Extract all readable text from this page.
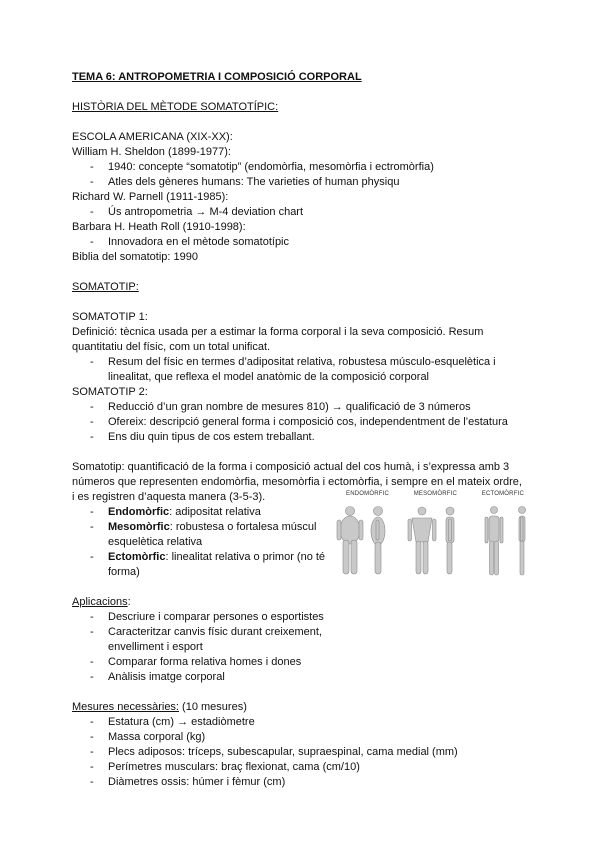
TEMA 6: ANTROPOMETRIA I COMPOSICIÓ CORPORAL
HISTÒRIA DEL MÈTODE SOMATOTÍPIC:
ESCOLA AMERICANA (XIX-XX):
William H. Sheldon (1899-1977):
- 1940: concepte “somatotip” (endomòrfia, mesomòrfia i ectromòrfia)
- Atles dels gèneres humans: The varieties of human physiqu
Richard W. Parnell (1911-1985):
- Ús antropometria → M-4 deviation chart
Barbara H. Heath Roll (1910-1998):
- Innovadora en el mètode somatotípic
Biblia del somatotip: 1990
SOMATOTIP:
SOMATOTIP 1:
Definició: tècnica usada per a estimar la forma corporal i la seva composició. Resum
quantitatiu del físic, com un total unificat.
- Resum del físic en termes d’adipositat relativa, robustesa músculo-esquelètica i
linealitat, que reflexa el model anatòmic de la composició corporal
SOMATOTIP 2:
- Reducció d’un gran nombre de mesures 810) → qualificació de 3 números
- Ofereix: descripció general forma i composició cos, independentment de l’estatura
- Ens diu quin tipus de cos estem treballant.
Somatotip: quantificació de la forma i composició actual del cos humà, i s’expressa amb 3
números que representen endomòrfia, mesomòrfia i ectomòrfia, i sempre en el mateix ordre,
i es registren d’aquesta manera (3-5-3).
- Endomòrfic: adipositat relativa
- Mesomòrfic: robustesa o fortalesa múscul
esquelètica relativa
- Ectomòrfic: linealitat relativa o primor (no té
forma)
Aplicacions:
- Descriure i comparar persones o esportistes
- Caracteritzar canvis físic durant creixement,
envelliment i esport
- Comparar forma relativa homes i dones
- Anàlisis imatge corporal
Mesures necessàries: (10 mesures)
- Estatura (cm) → estadiòmetre
- Massa corporal (kg)
- Plecs adiposos: tríceps, subescapular, supraespinal, cama medial (mm)
- Perímetres musculars: braç flexionat, cama (cm/10)
- Diàmetres ossis: húmer i fèmur (cm)
ENDOMÒRFIC	MESOMÒRFIC	ECTOMÒRFIC
